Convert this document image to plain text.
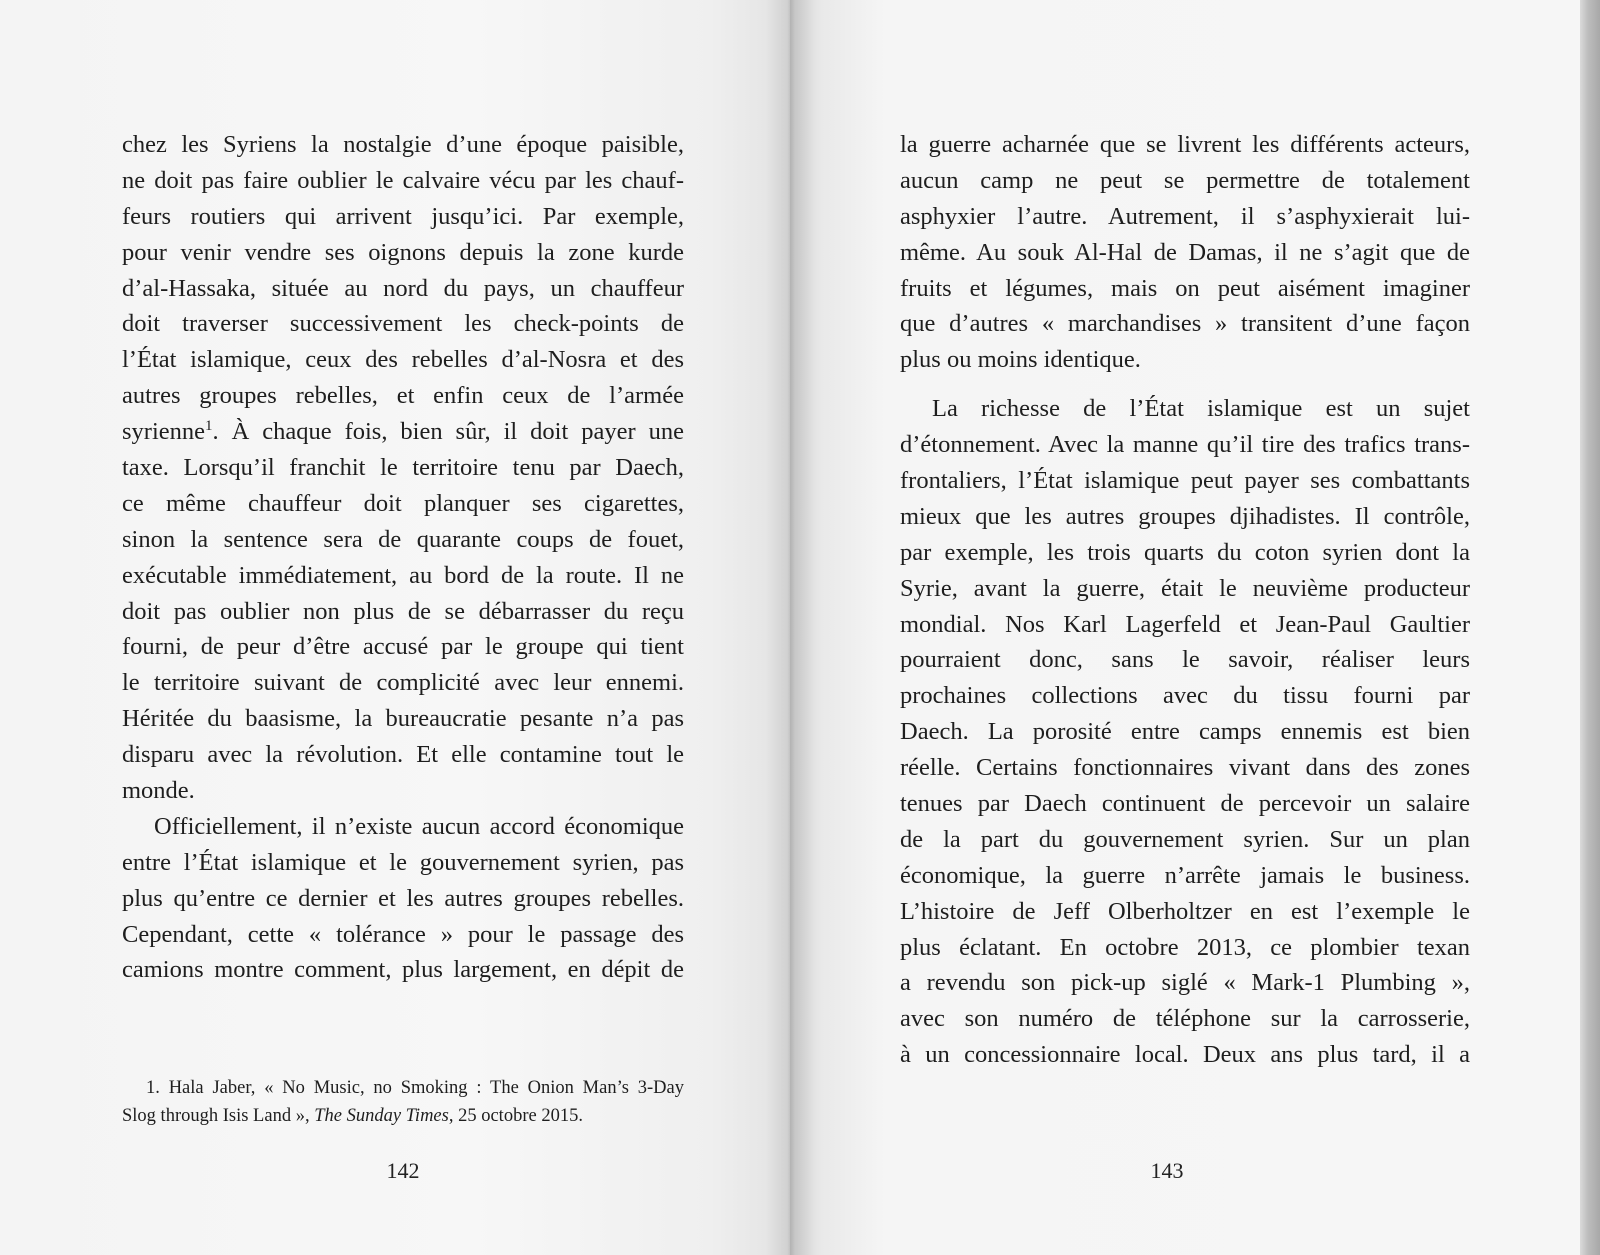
chez les Syriens la nostalgie d’une époque paisible,
ne doit pas faire oublier le calvaire vécu par les chauf-
feurs routiers qui arrivent jusqu’ici. Par exemple,
pour venir vendre ses oignons depuis la zone kurde
d’al-Hassaka, située au nord du pays, un chauffeur
doit traverser successivement les check-points de
l’État islamique, ceux des rebelles d’al-Nosra et des
autres groupes rebelles, et enfin ceux de l’armée
syrienne$^1$. À chaque fois, bien sûr, il doit payer une
taxe. Lorsqu’il franchit le territoire tenu par Daech,
ce même chauffeur doit planquer ses cigarettes,
sinon la sentence sera de quarante coups de fouet,
exécutable immédiatement, au bord de la route. Il ne
doit pas oublier non plus de se débarrasser du reçu
fourni, de peur d’être accusé par le groupe qui tient
le territoire suivant de complicité avec leur ennemi.
Héritée du baasisme, la bureaucratie pesante n’a pas
disparu avec la révolution. Et elle contamine tout le
monde.
Officiellement, il n’existe aucun accord économique
entre l’État islamique et le gouvernement syrien, pas
plus qu’entre ce dernier et les autres groupes rebelles.
Cependant, cette « tolérance » pour le passage des
camions montre comment, plus largement, en dépit de
1. Hala Jaber, « No Music, no Smoking : The Onion Man’s 3-Day
Slog through Isis Land », The Sunday Times, 25 octobre 2015.
142
la guerre acharnée que se livrent les différents acteurs,
aucun camp ne peut se permettre de totalement
asphyxier l’autre. Autrement, il s’asphyxierait lui-
même. Au souk Al-Hal de Damas, il ne s’agit que de
fruits et légumes, mais on peut aisément imaginer
que d’autres « marchandises » transitent d’une façon
plus ou moins identique.
La richesse de l’État islamique est un sujet
d’étonnement. Avec la manne qu’il tire des trafics trans-
frontaliers, l’État islamique peut payer ses combattants
mieux que les autres groupes djihadistes. Il contrôle,
par exemple, les trois quarts du coton syrien dont la
Syrie, avant la guerre, était le neuvième producteur
mondial. Nos Karl Lagerfeld et Jean-Paul Gaultier
pourraient donc, sans le savoir, réaliser leurs
prochaines collections avec du tissu fourni par
Daech. La porosité entre camps ennemis est bien
réelle. Certains fonctionnaires vivant dans des zones
tenues par Daech continuent de percevoir un salaire
de la part du gouvernement syrien. Sur un plan
économique, la guerre n’arrête jamais le business.
L’histoire de Jeff Olberholtzer en est l’exemple le
plus éclatant. En octobre 2013, ce plombier texan
a revendu son pick-up siglé « Mark-1 Plumbing »,
avec son numéro de téléphone sur la carrosserie,
à un concessionnaire local. Deux ans plus tard, il a
143
